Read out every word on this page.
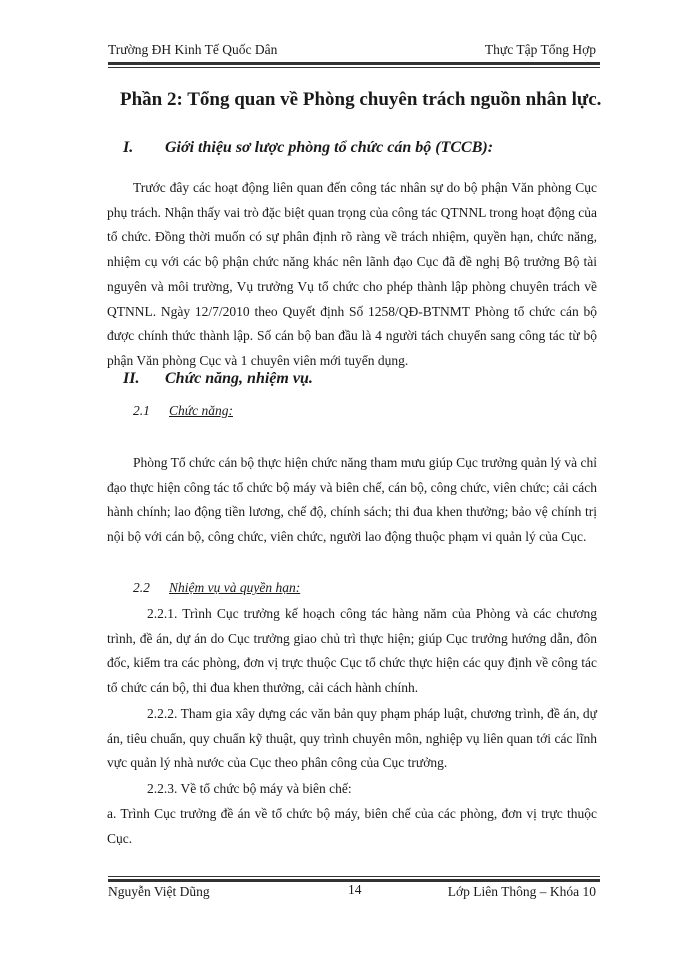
Trường ĐH Kinh Tế Quốc Dân	Thực Tập Tổng Hợp
Phần 2: Tổng quan về Phòng chuyên trách nguồn nhân lực.
I. Giới thiệu sơ lược phòng tổ chức cán bộ (TCCB):

Trước đây các hoạt động liên quan đến công tác nhân sự do bộ phận Văn phòng Cục phụ trách. Nhận thấy vai trò đặc biệt quan trọng của công tác QTNNL trong hoạt động của tổ chức. Đồng thời muốn có sự phân định rõ ràng về trách nhiệm, quyền hạn, chức năng, nhiệm cụ với các bộ phận chức năng khác nên lãnh đạo Cục đã đề nghị Bộ trưởng Bộ tài nguyên và môi trường, Vụ trưởng Vụ tổ chức cho phép thành lập phòng chuyên trách về QTNNL. Ngày 12/7/2010 theo Quyết định Số 1258/QĐ-BTNMT Phòng tổ chức cán bộ được chính thức thành lập. Số cán bộ ban đầu là 4 người tách chuyển sang công tác từ bộ phận Văn phòng Cục và 1 chuyên viên mới tuyển dụng.

II. Chức năng, nhiệm vụ.
2.1 Chức năng:

Phòng Tổ chức cán bộ thực hiện chức năng tham mưu giúp Cục trưởng quản lý và chỉ đạo thực hiện công tác tổ chức bộ máy và biên chế, cán bộ, công chức, viên chức; cải cách hành chính; lao động tiền lương, chế độ, chính sách; thi đua khen thưởng; bảo vệ chính trị nội bộ với cán bộ, công chức, viên chức, người lao động thuộc phạm vi quản lý của Cục.

2.2 Nhiệm vụ và quyền hạn:

2.2.1. Trình Cục trưởng kế hoạch công tác hàng năm của Phòng và các chương trình, đề án, dự án do Cục trưởng giao chủ trì thực hiện; giúp Cục trưởng hướng dẫn, đôn đốc, kiểm tra các phòng, đơn vị trực thuộc Cục tổ chức thực hiện các quy định về công tác tổ chức cán bộ, thi đua khen thưởng, cải cách hành chính.

2.2.2. Tham gia xây dựng các văn bản quy phạm pháp luật, chương trình, đề án, dự án, tiêu chuẩn, quy chuẩn kỹ thuật, quy trình chuyên môn, nghiệp vụ liên quan tới các lĩnh vực quản lý nhà nước của Cục theo phân công của Cục trưởng.

2.2.3. Về tổ chức bộ máy và biên chế:

a. Trình Cục trưởng đề án về tổ chức bộ máy, biên chế của các phòng, đơn vị trực thuộc Cục.

Nguyễn Việt Dũng	14	Lớp Liên Thông – Khóa 10
